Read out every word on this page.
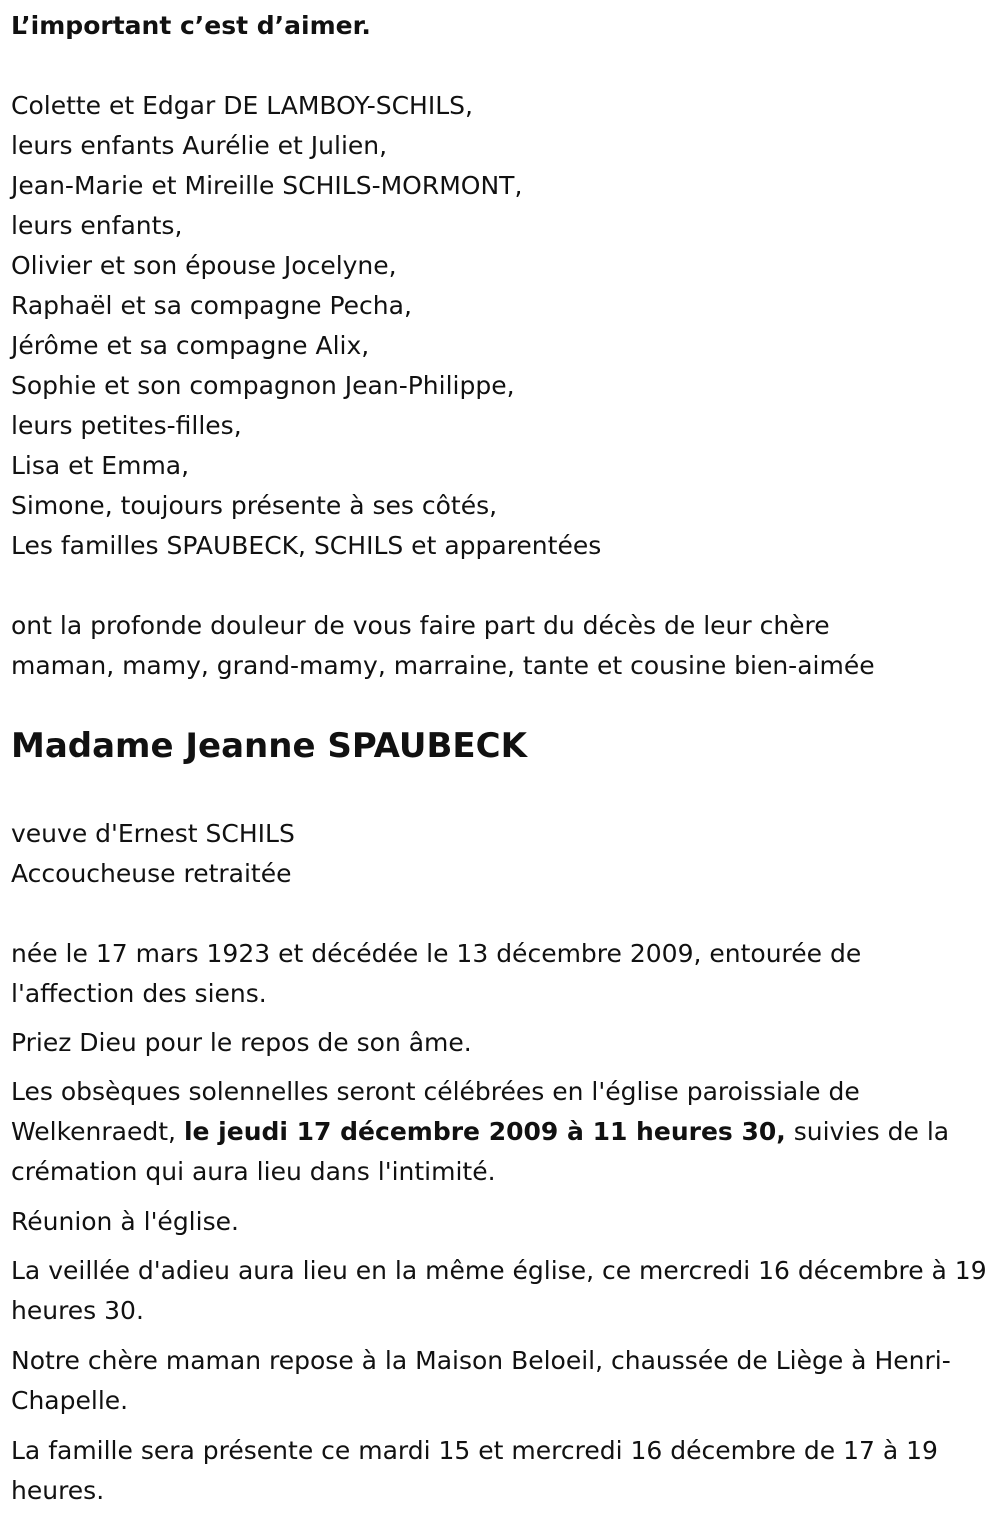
L’important c’est d’aimer.

Colette et Edgar DE LAMBOY-SCHILS,
leurs enfants Aurélie et Julien,
Jean-Marie et Mireille SCHILS-MORMONT,
leurs enfants,
Olivier et son épouse Jocelyne,
Raphaël et sa compagne Pecha,
Jérôme et sa compagne Alix,
Sophie et son compagnon Jean-Philippe,
leurs petites-filles,
Lisa et Emma,
Simone, toujours présente à ses côtés,
Les familles SPAUBECK, SCHILS et apparentées
ont la profonde douleur de vous faire part du décès de leur chère
maman, mamy, grand-mamy, marraine, tante et cousine bien-aimée
Madame Jeanne SPAUBECK
veuve d'Ernest SCHILS
Accoucheuse retraitée

née le 17 mars 1923 et décédée le 13 décembre 2009, entourée de l'affection des siens.

Priez Dieu pour le repos de son âme.

Les obsèques solennelles seront célébrées en l'église paroissiale de Welkenraedt, le jeudi 17 décembre 2009 à 11 heures 30, suivies de la crémation qui aura lieu dans l'intimité.

Réunion à l'église.

La veillée d'adieu aura lieu en la même église, ce mercredi 16 décembre à 19 heures 30.

Notre chère maman repose à la Maison Beloeil, chaussée de Liège à Henri-Chapelle.

La famille sera présente ce mardi 15 et mercredi 16 décembre de 17 à 19 heures.
